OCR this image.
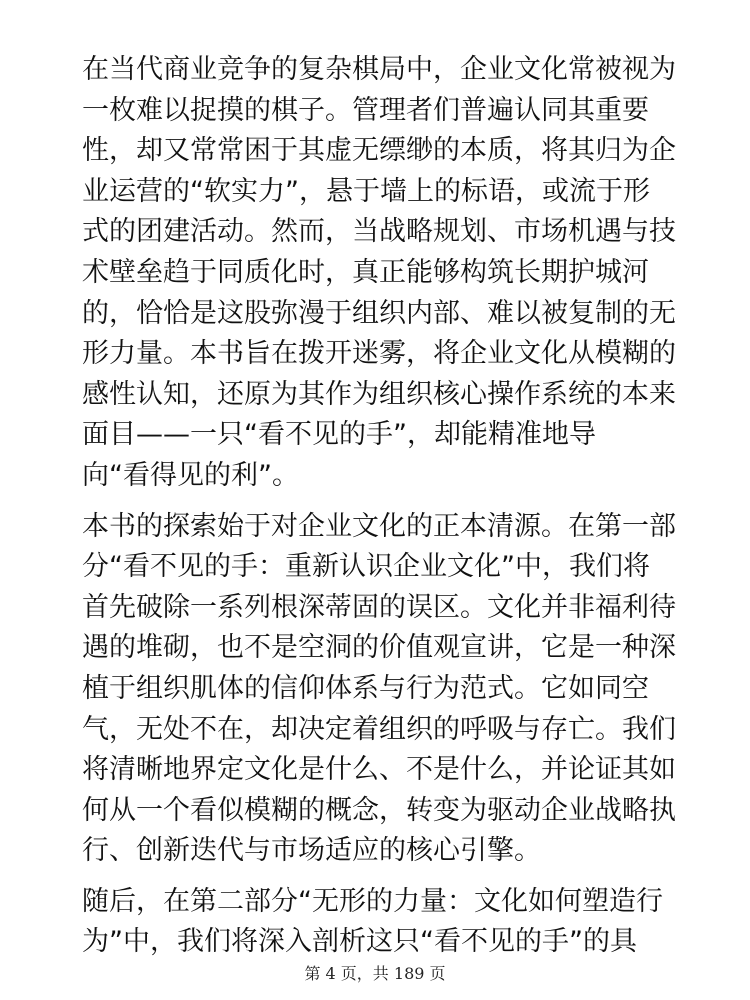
在当代商业竞争的复杂棋局中，企业文化常被视为
一枚难以捉摸的棋子。管理者们普遍认同其重要
性，却又常常困于其虚无缥缈的本质，将其归为企
业运营的“软实力”，悬于墙上的标语，或流于形
式的团建活动。然而，当战略规划、市场机遇与技
术壁垒趋于同质化时，真正能够构筑长期护城河
的，恰恰是这股弥漫于组织内部、难以被复制的无
形力量。本书旨在拨开迷雾，将企业文化从模糊的
感性认知，还原为其作为组织核心操作系统的本来
面目——一只“看不见的手”，却能精准地导
向“看得见的利”。

本书的探索始于对企业文化的正本清源。在第一部
分“看不见的手：重新认识企业文化”中，我们将
首先破除一系列根深蒂固的误区。文化并非福利待
遇的堆砌，也不是空洞的价值观宣讲，它是一种深
植于组织肌体的信仰体系与行为范式。它如同空
气，无处不在，却决定着组织的呼吸与存亡。我们
将清晰地界定文化是什么、不是什么，并论证其如
何从一个看似模糊的概念，转变为驱动企业战略执
行、创新迭代与市场适应的核心引擎。

随后，在第二部分“无形的力量：文化如何塑造行
为”中，我们将深入剖析这只“看不见的手”的具

第 4 页，共 189 页
